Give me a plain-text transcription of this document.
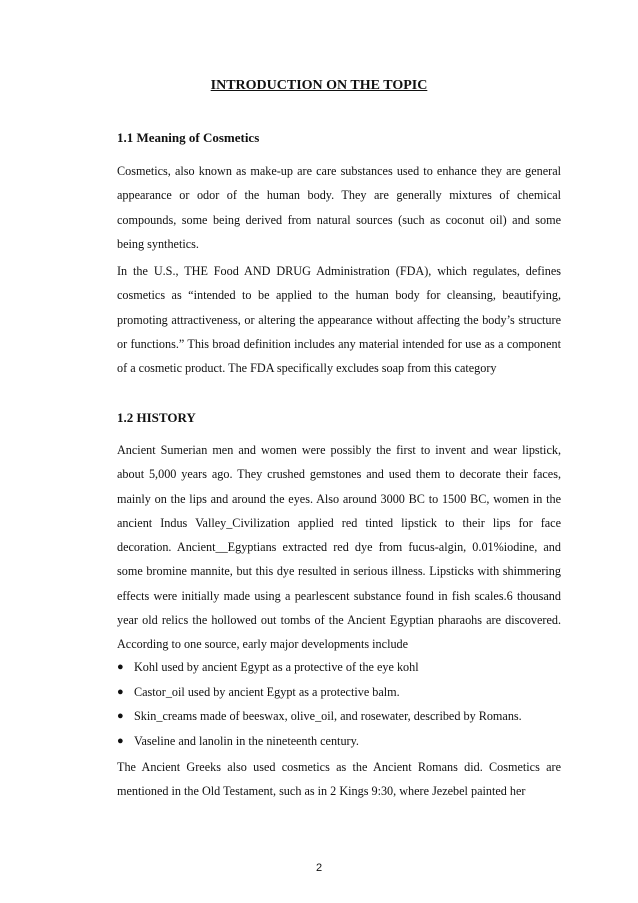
INTRODUCTION ON THE TOPIC
1.1 Meaning of Cosmetics
Cosmetics, also known as make-up are care substances used to enhance they are general appearance or odor of the human body. They are generally mixtures of chemical compounds, some being derived from natural sources (such as coconut oil) and some being synthetics.
In the U.S., THE Food AND DRUG Administration (FDA), which regulates, defines cosmetics as “intended to be applied to the human body for cleansing, beautifying, promoting attractiveness, or altering the appearance without affecting the body’s structure or functions.” This broad definition includes any material intended for use as a component of a cosmetic product. The FDA specifically excludes soap from this category
1.2 HISTORY
Ancient Sumerian men and women were possibly the first to invent and wear lipstick, about 5,000 years ago. They crushed gemstones and used them to decorate their faces, mainly on the lips and around the eyes. Also around 3000 BC to 1500 BC, women in the ancient Indus Valley_Civilization applied red tinted lipstick to their lips for face decoration. Ancient__Egyptians extracted red dye from fucus-algin, 0.01%iodine, and some bromine mannite, but this dye resulted in serious illness. Lipsticks with shimmering effects were initially made using a pearlescent substance found in fish scales.6 thousand year old relics the hollowed out tombs of the Ancient Egyptian pharaohs are discovered. According to one source, early major developments include
● Kohl used by ancient Egypt as a protective of the eye kohl
● Castor_oil used by ancient Egypt as a protective balm.
● Skin_creams made of beeswax, olive_oil, and rosewater, described by Romans.
● Vaseline and lanolin in the nineteenth century.
The Ancient Greeks also used cosmetics as the Ancient Romans did. Cosmetics are mentioned in the Old Testament, such as in 2 Kings 9:30, where Jezebel painted her
2
